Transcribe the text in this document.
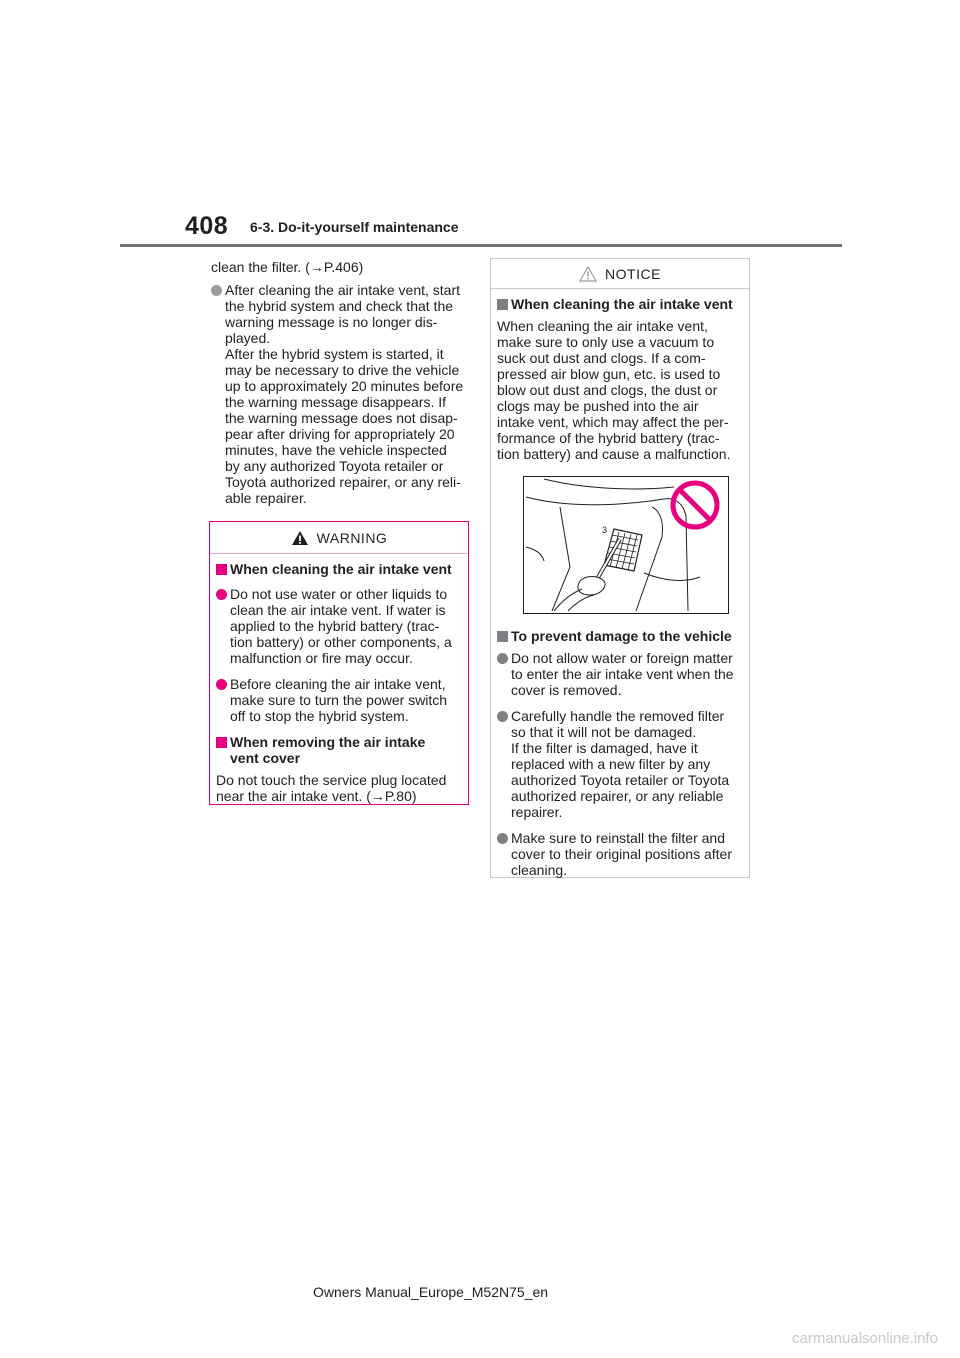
408 6-3. Do-it-yourself maintenance

clean the filter. (→P.406)

After cleaning the air intake vent, start
the hybrid system and check that the
warning message is no longer dis-
played.
After the hybrid system is started, it
may be necessary to drive the vehicle
up to approximately 20 minutes before
the warning message disappears. If
the warning message does not disap-
pear after driving for appropriately 20
minutes, have the vehicle inspected
by any authorized Toyota retailer or
Toyota authorized repairer, or any reli-
able repairer.
WARNING
When cleaning the air intake vent
Do not use water or other liquids to
clean the air intake vent. If water is
applied to the hybrid battery (trac-
tion battery) or other components, a
malfunction or fire may occur.
Before cleaning the air intake vent,
make sure to turn the power switch
off to stop the hybrid system.
When removing the air intake
vent cover
Do not touch the service plug located
near the air intake vent. (→P.80)
NOTICE
When cleaning the air intake vent
When cleaning the air intake vent,
make sure to only use a vacuum to
suck out dust and clogs. If a com-
pressed air blow gun, etc. is used to
blow out dust and clogs, the dust or
clogs may be pushed into the air
intake vent, which may affect the per-
formance of the hybrid battery (trac-
tion battery) and cause a malfunction.
3
To prevent damage to the vehicle
Do not allow water or foreign matter
to enter the air intake vent when the
cover is removed.
Carefully handle the removed filter
so that it will not be damaged.
If the filter is damaged, have it
replaced with a new filter by any
authorized Toyota retailer or Toyota
authorized repairer, or any reliable
repairer.
Make sure to reinstall the filter and
cover to their original positions after
cleaning.
Owners Manual_Europe_M52N75_en
carmanualsonline.info
